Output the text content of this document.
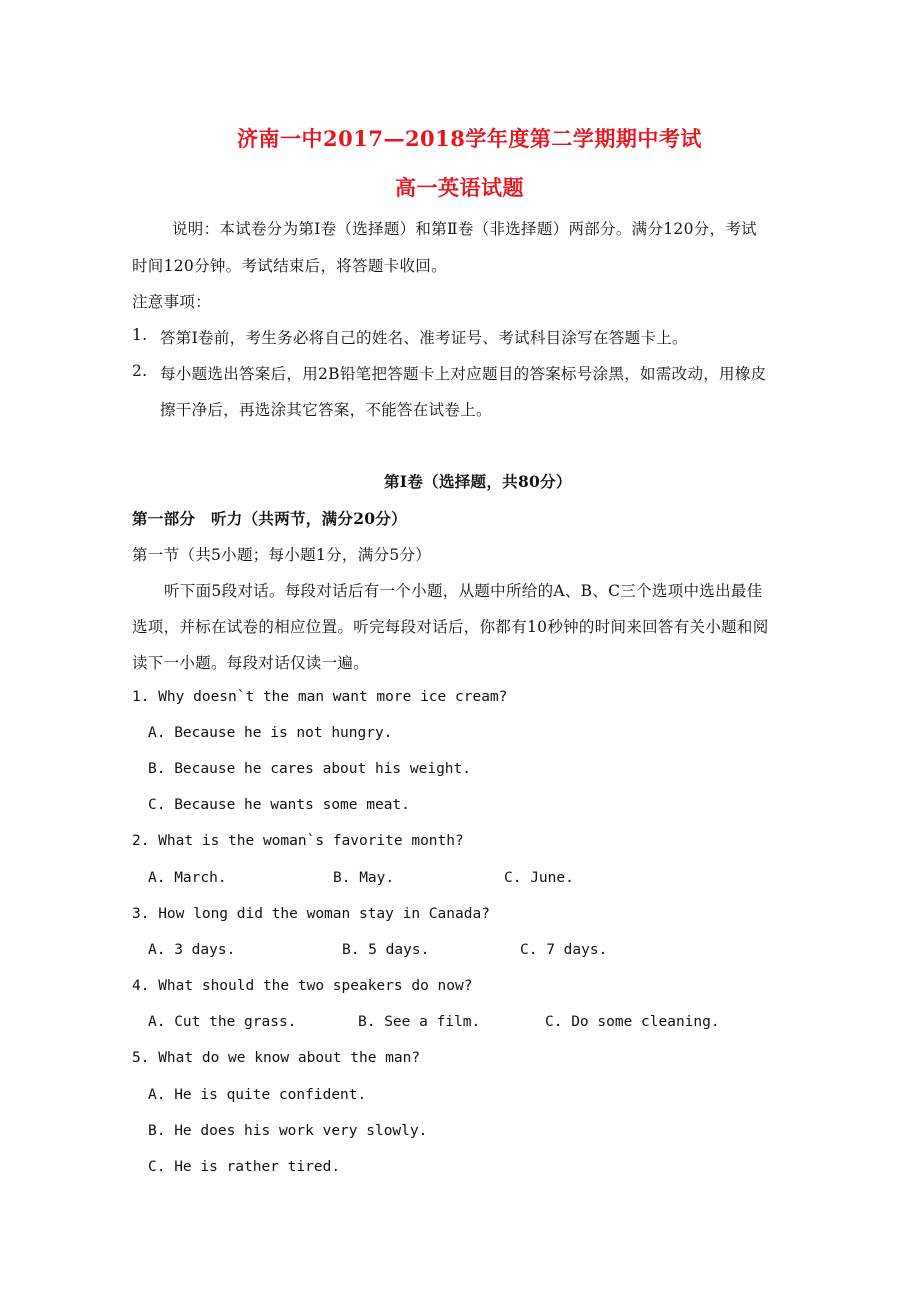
济南一中2017—2018学年度第二学期期中考试
高一英语试题
说明：本试卷分为第Ⅰ卷（选择题）和第Ⅱ卷（非选择题）两部分。满分120分，考试
时间120分钟。考试结束后，将答题卡收回。
注意事项：
1. 答第Ⅰ卷前，考生务必将自己的姓名、准考证号、考试科目涂写在答题卡上。
2. 每小题选出答案后，用2B铅笔把答题卡上对应题目的答案标号涂黑，如需改动，用橡皮
擦干净后，再选涂其它答案，不能答在试卷上。
第Ⅰ卷（选择题，共80分）
第一部分　听力（共两节，满分20分）
第一节（共5小题；每小题1分，满分5分）
听下面5段对话。每段对话后有一个小题，从题中所给的A、B、C三个选项中选出最佳
选项，并标在试卷的相应位置。听完每段对话后，你都有10秒钟的时间来回答有关小题和阅
读下一小题。每段对话仅读一遍。
1. Why doesn`t the man want more ice cream?
A. Because he is not hungry.
B. Because he cares about his weight.
C. Because he wants some meat.
2. What is the woman`s favorite month?
A. March.	B. May.	C. June.
3. How long did the woman stay in Canada?
A. 3 days.	B. 5 days.	C. 7 days.
4. What should the two speakers do now?
A. Cut the grass.	B. See a film.	C. Do some cleaning.
5. What do we know about the man?
A. He is quite confident.
B. He does his work very slowly.
C. He is rather tired.
